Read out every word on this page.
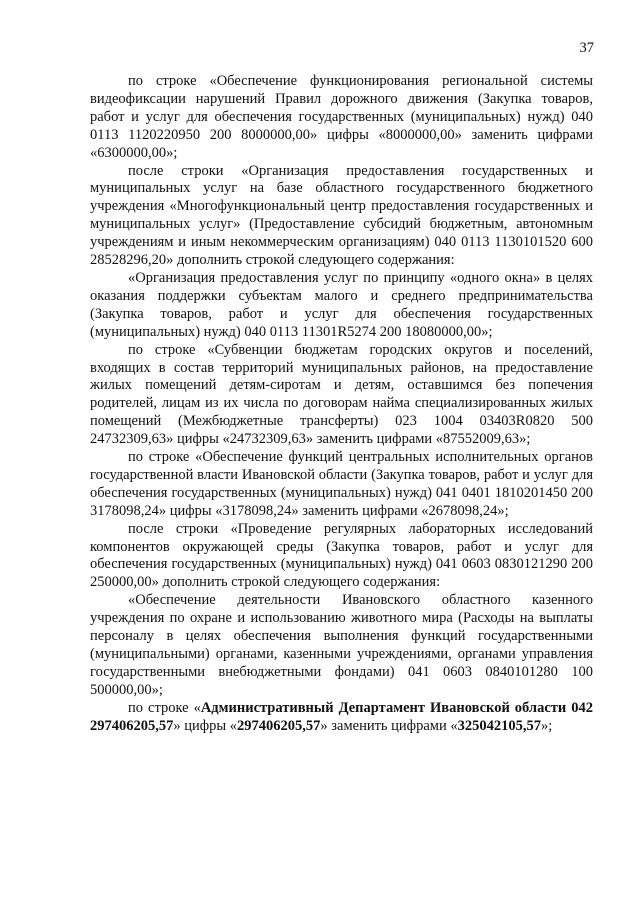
37

по строке «Обеспечение функционирования региональной системы видеофиксации нарушений Правил дорожного движения (Закупка товаров, работ и услуг для обеспечения государственных (муниципальных) нужд) 040 0113 1120220950 200 8000000,00» цифры «8000000,00» заменить цифрами «6300000,00»;

после строки «Организация предоставления государственных и муниципальных услуг на базе областного государственного бюджетного учреждения «Многофункциональный центр предоставления государственных и муниципальных услуг» (Предоставление субсидий бюджетным, автономным учреждениям и иным некоммерческим организациям) 040 0113 1130101520 600 28528296,20» дополнить строкой следующего содержания:

«Организация предоставления услуг по принципу «одного окна» в целях оказания поддержки субъектам малого и среднего предпринимательства (Закупка товаров, работ и услуг для обеспечения государственных (муниципальных) нужд) 040 0113 11301R5274 200 18080000,00»;

по строке «Субвенции бюджетам городских округов и поселений, входящих в состав территорий муниципальных районов, на предоставление жилых помещений детям-сиротам и детям, оставшимся без попечения родителей, лицам из их числа по договорам найма специализированных жилых помещений (Межбюджетные трансферты) 023 1004 03403R0820 500 24732309,63» цифры «24732309,63» заменить цифрами «87552009,63»;

по строке «Обеспечение функций центральных исполнительных органов государственной власти Ивановской области (Закупка товаров, работ и услуг для обеспечения государственных (муниципальных) нужд) 041 0401 1810201450 200 3178098,24» цифры «3178098,24» заменить цифрами «2678098,24»;

после строки «Проведение регулярных лабораторных исследований компонентов окружающей среды (Закупка товаров, работ и услуг для обеспечения государственных (муниципальных) нужд) 041 0603 0830121290 200 250000,00» дополнить строкой следующего содержания:

«Обеспечение деятельности Ивановского областного казенного учреждения по охране и использованию животного мира (Расходы на выплаты персоналу в целях обеспечения выполнения функций государственными (муниципальными) органами, казенными учреждениями, органами управления государственными внебюджетными фондами) 041 0603 0840101280 100 500000,00»;

по строке «Административный Департамент Ивановской области 042 297406205,57» цифры «297406205,57» заменить цифрами «325042105,57»;
